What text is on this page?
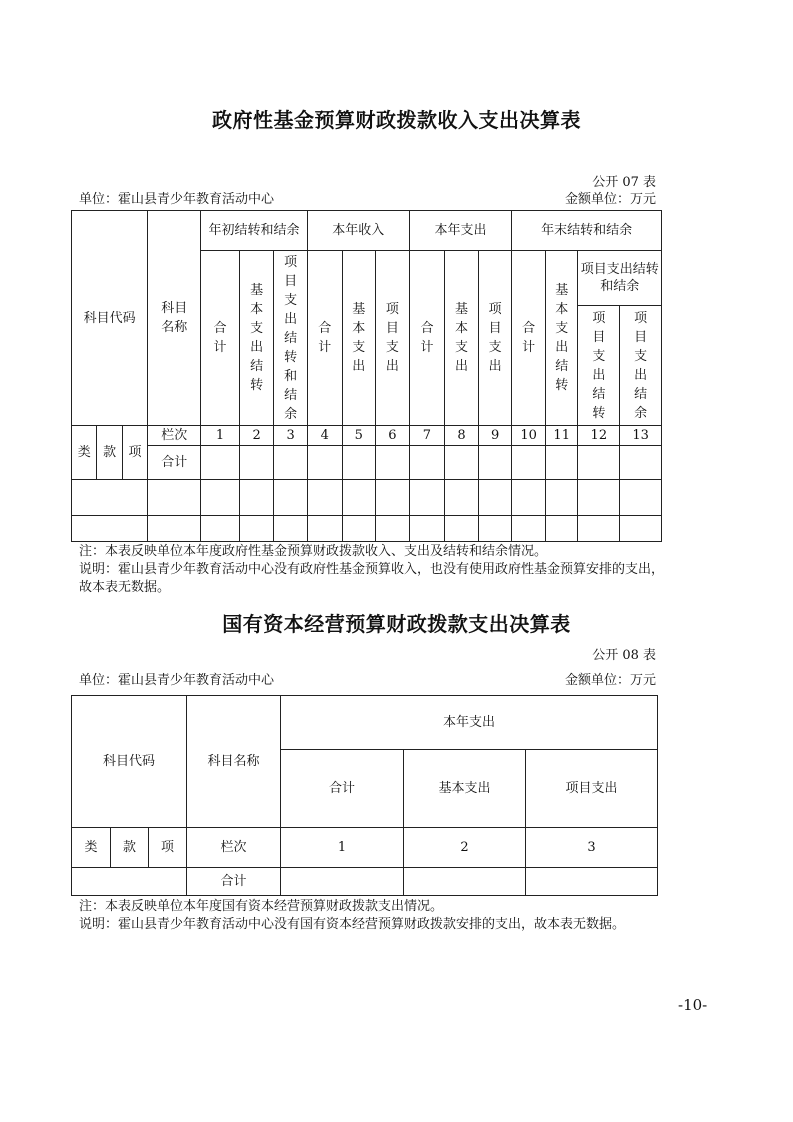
政府性基金预算财政拨款收入支出决算表
公开 07 表
单位：霍山县青少年教育活动中心	金额单位：万元
科目代码			科目名称	年初结转和结余			本年收入			本年支出			年末结转和结余			
				合计	基本支出结转	项目支出结转和结余	合计	基本支出	项目支出	合计	基本支出	项目支出	合计	基本支出结转	项目支出结转和结余	
															项目支出结转	项目支出结余

类	款	项	栏次	1	2	3	4	5	6	7	8	9	10	11	12	13
			合计													

注：本表反映单位本年度政府性基金预算财政拨款收入、支出及结转和结余情况。
说明：霍山县青少年教育活动中心没有政府性基金预算收入，也没有使用政府性基金预算安排的支出，故本表无数据。
国有资本经营预算财政拨款支出决算表
公开 08 表
单位：霍山县青少年教育活动中心	金额单位：万元
科目代码			科目名称	本年支出		
				合计	基本支出	项目支出
类	款	项	栏次	1	2	3
			合计			
注：本表反映单位本年度国有资本经营预算财政拨款支出情况。
说明：霍山县青少年教育活动中心没有国有资本经营预算财政拨款安排的支出，故本表无数据。
-10-
